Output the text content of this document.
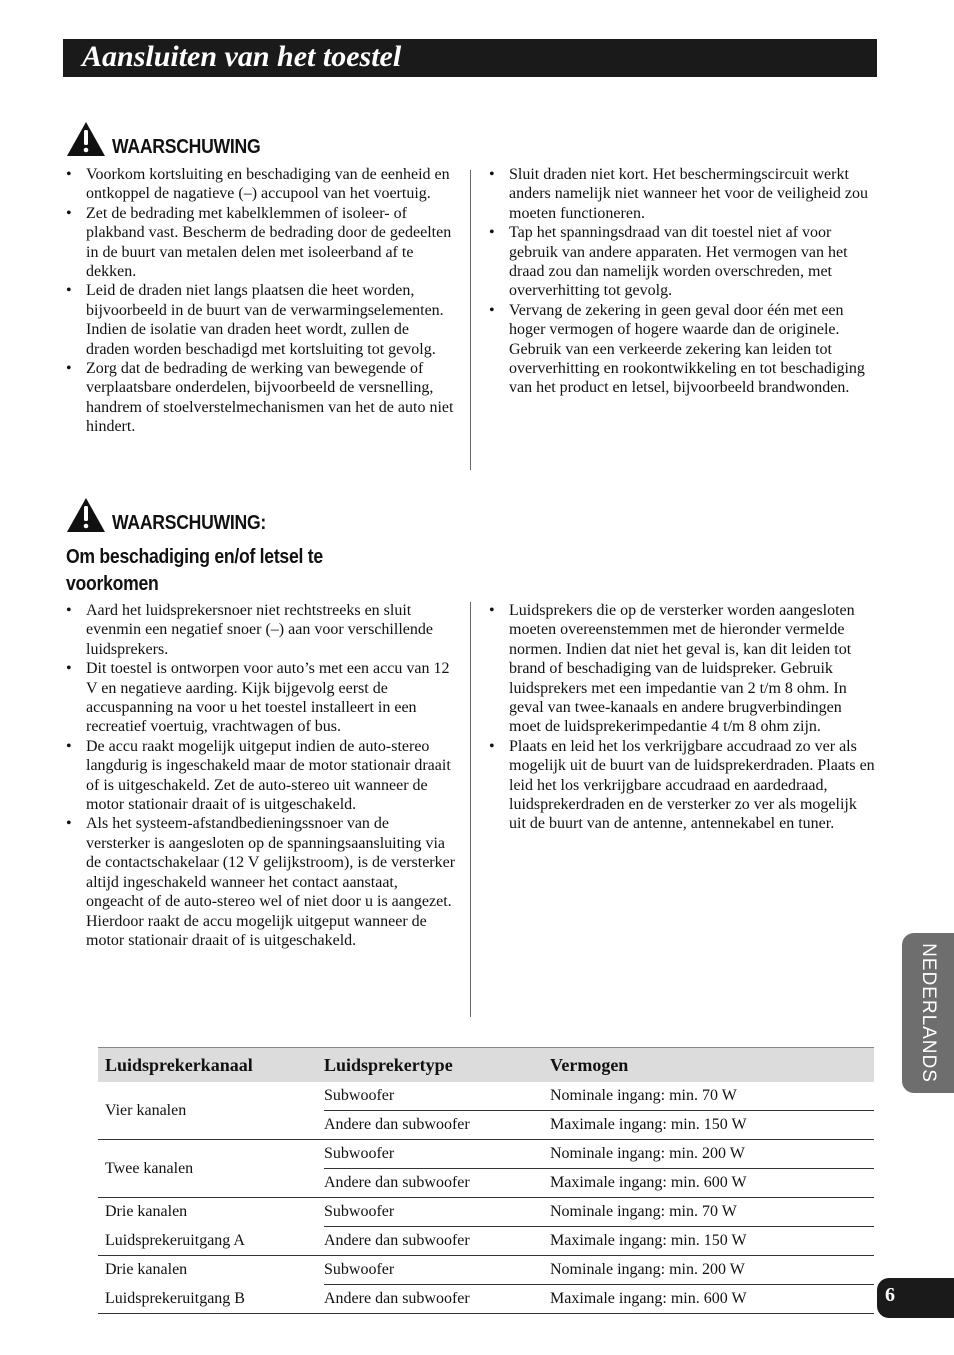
Aansluiten van het toestel
WAARSCHUWING
• Voorkom kortsluiting en beschadiging van de eenheid en ontkoppel de nagatieve (–) accupool van het voertuig.
• Zet de bedrading met kabelklemmen of isoleer- of plakband vast. Bescherm de bedrading door de gedeelten in de buurt van metalen delen met isoleerband af te dekken.
• Leid de draden niet langs plaatsen die heet worden, bijvoorbeeld in de buurt van de verwarmingselementen. Indien de isolatie van draden heet wordt, zullen de draden worden beschadigd met kortsluiting tot gevolg.
• Zorg dat de bedrading de werking van bewegende of verplaatsbare onderdelen, bijvoorbeeld de versnelling, handrem of stoelverstelmechanismen van het de auto niet hindert.
• Sluit draden niet kort. Het beschermingscircuit werkt anders namelijk niet wanneer het voor de veiligheid zou moeten functioneren.
• Tap het spanningsdraad van dit toestel niet af voor gebruik van andere apparaten. Het vermogen van het draad zou dan namelijk worden overschreden, met oververhitting tot gevolg.
• Vervang de zekering in geen geval door één met een hoger vermogen of hogere waarde dan de originele. Gebruik van een verkeerde zekering kan leiden tot oververhitting en rookontwikkeling en tot beschadiging van het product en letsel, bijvoorbeeld brandwonden.
WAARSCHUWING:
Om beschadiging en/of letsel te
voorkomen
• Aard het luidsprekersnoer niet rechtstreeks en sluit evenmin een negatief snoer (–) aan voor verschillende luidsprekers.
• Dit toestel is ontworpen voor auto’s met een accu van 12 V en negatieve aarding. Kijk bijgevolg eerst de accuspanning na voor u het toestel installeert in een recreatief voertuig, vrachtwagen of bus.
• De accu raakt mogelijk uitgeput indien de auto-stereo langdurig is ingeschakeld maar de motor stationair draait of is uitgeschakeld. Zet de auto-stereo uit wanneer de motor stationair draait of is uitgeschakeld.
• Als het systeem-afstandbedieningssnoer van de versterker is aangesloten op de spanningsaansluiting via de contactschakelaar (12 V gelijkstroom), is de versterker altijd ingeschakeld wanneer het contact aanstaat, ongeacht of de auto-stereo wel of niet door u is aangezet. Hierdoor raakt de accu mogelijk uitgeput wanneer de motor stationair draait of is uitgeschakeld.
• Luidsprekers die op de versterker worden aangesloten moeten overeenstemmen met de hieronder vermelde normen. Indien dat niet het geval is, kan dit leiden tot brand of beschadiging van de luidspreker. Gebruik luidsprekers met een impedantie van 2 t/m 8 ohm. In geval van twee-kanaals en andere brugverbindingen moet de luidsprekerimpedantie 4 t/m 8 ohm zijn.
• Plaats en leid het los verkrijgbare accudraad zo ver als mogelijk uit de buurt van de luidsprekerdraden. Plaats en leid het los verkrijgbare accudraad en aardedraad, luidsprekerdraden en de versterker zo ver als mogelijk uit de buurt van de antenne, antennekabel en tuner.
Luidsprekerkanaal		Luidsprekertype	Vermogen
Vier kanalen		Subwoofer	Nominale ingang: min. 70 W
		Andere dan subwoofer	Maximale ingang: min. 150 W
Twee kanalen		Subwoofer	Nominale ingang: min. 200 W
		Andere dan subwoofer	Maximale ingang: min. 600 W
Drie kanalen		Subwoofer	Nominale ingang: min. 70 W
Luidsprekeruitgang A		Andere dan subwoofer	Maximale ingang: min. 150 W
Drie kanalen		Subwoofer	Nominale ingang: min. 200 W
Luidsprekeruitgang B		Andere dan subwoofer	Maximale ingang: min. 600 W
NEDERLANDS
6
